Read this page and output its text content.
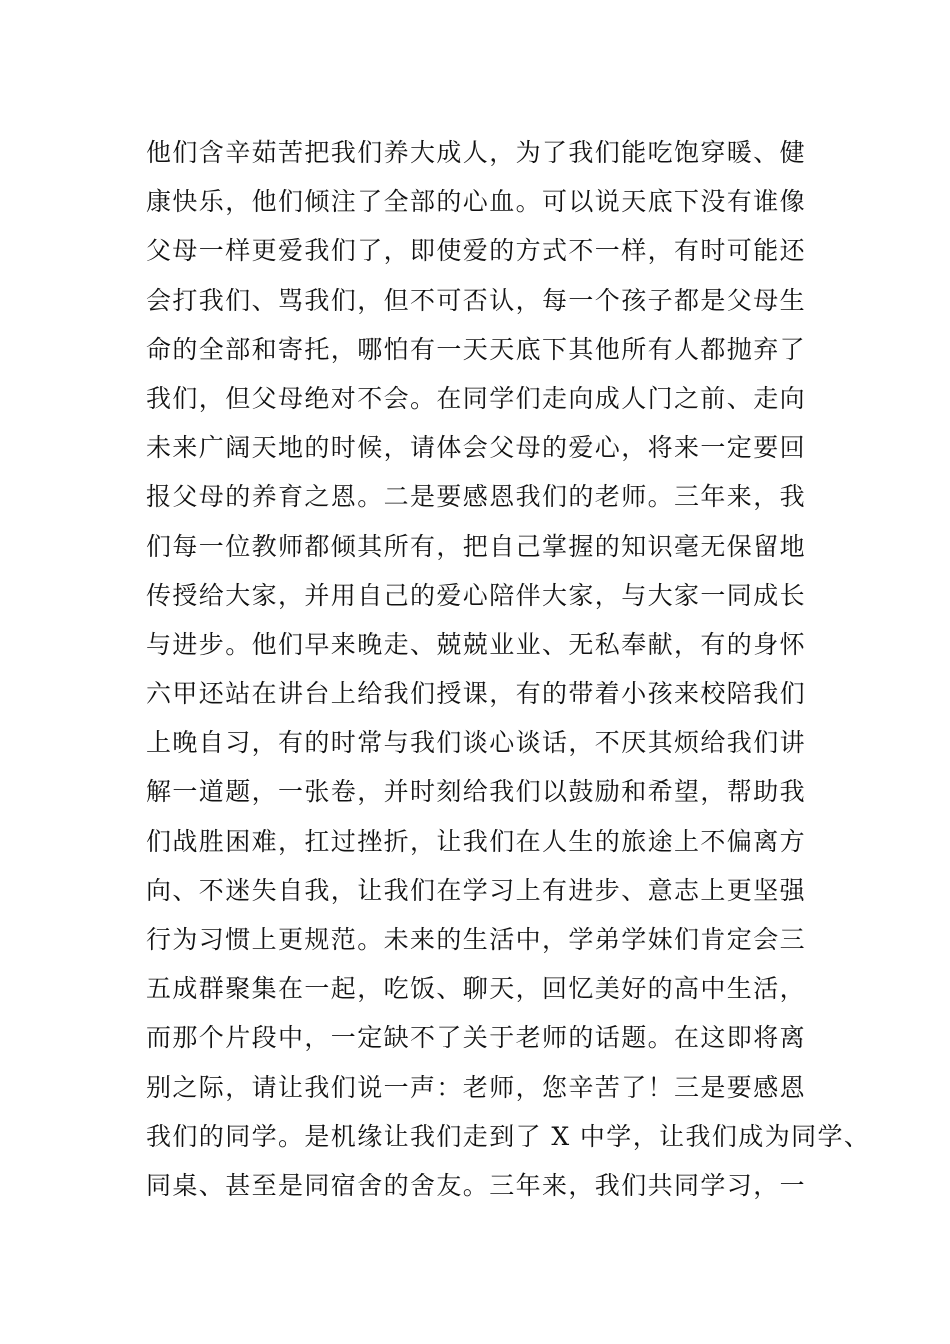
他们含辛茹苦把我们养大成人，为了我们能吃饱穿暖、健
康快乐，他们倾注了全部的心血。可以说天底下没有谁像
父母一样更爱我们了，即使爱的方式不一样，有时可能还
会打我们、骂我们，但不可否认，每一个孩子都是父母生
命的全部和寄托，哪怕有一天天底下其他所有人都抛弃了
我们，但父母绝对不会。在同学们走向成人门之前、走向
未来广阔天地的时候，请体会父母的爱心，将来一定要回
报父母的养育之恩。二是要感恩我们的老师。三年来，我
们每一位教师都倾其所有，把自己掌握的知识毫无保留地
传授给大家，并用自己的爱心陪伴大家，与大家一同成长
与进步。他们早来晚走、兢兢业业、无私奉献，有的身怀
六甲还站在讲台上给我们授课，有的带着小孩来校陪我们
上晚自习，有的时常与我们谈心谈话，不厌其烦给我们讲
解一道题，一张卷，并时刻给我们以鼓励和希望，帮助我
们战胜困难，扛过挫折，让我们在人生的旅途上不偏离方
向、不迷失自我，让我们在学习上有进步、意志上更坚强
行为习惯上更规范。未来的生活中，学弟学妹们肯定会三
五成群聚集在一起，吃饭、聊天，回忆美好的高中生活，
而那个片段中，一定缺不了关于老师的话题。在这即将离
别之际，请让我们说一声：老师，您辛苦了！三是要感恩
我们的同学。是机缘让我们走到了 X 中学，让我们成为同学、
同桌、甚至是同宿舍的舍友。三年来，我们共同学习，一
